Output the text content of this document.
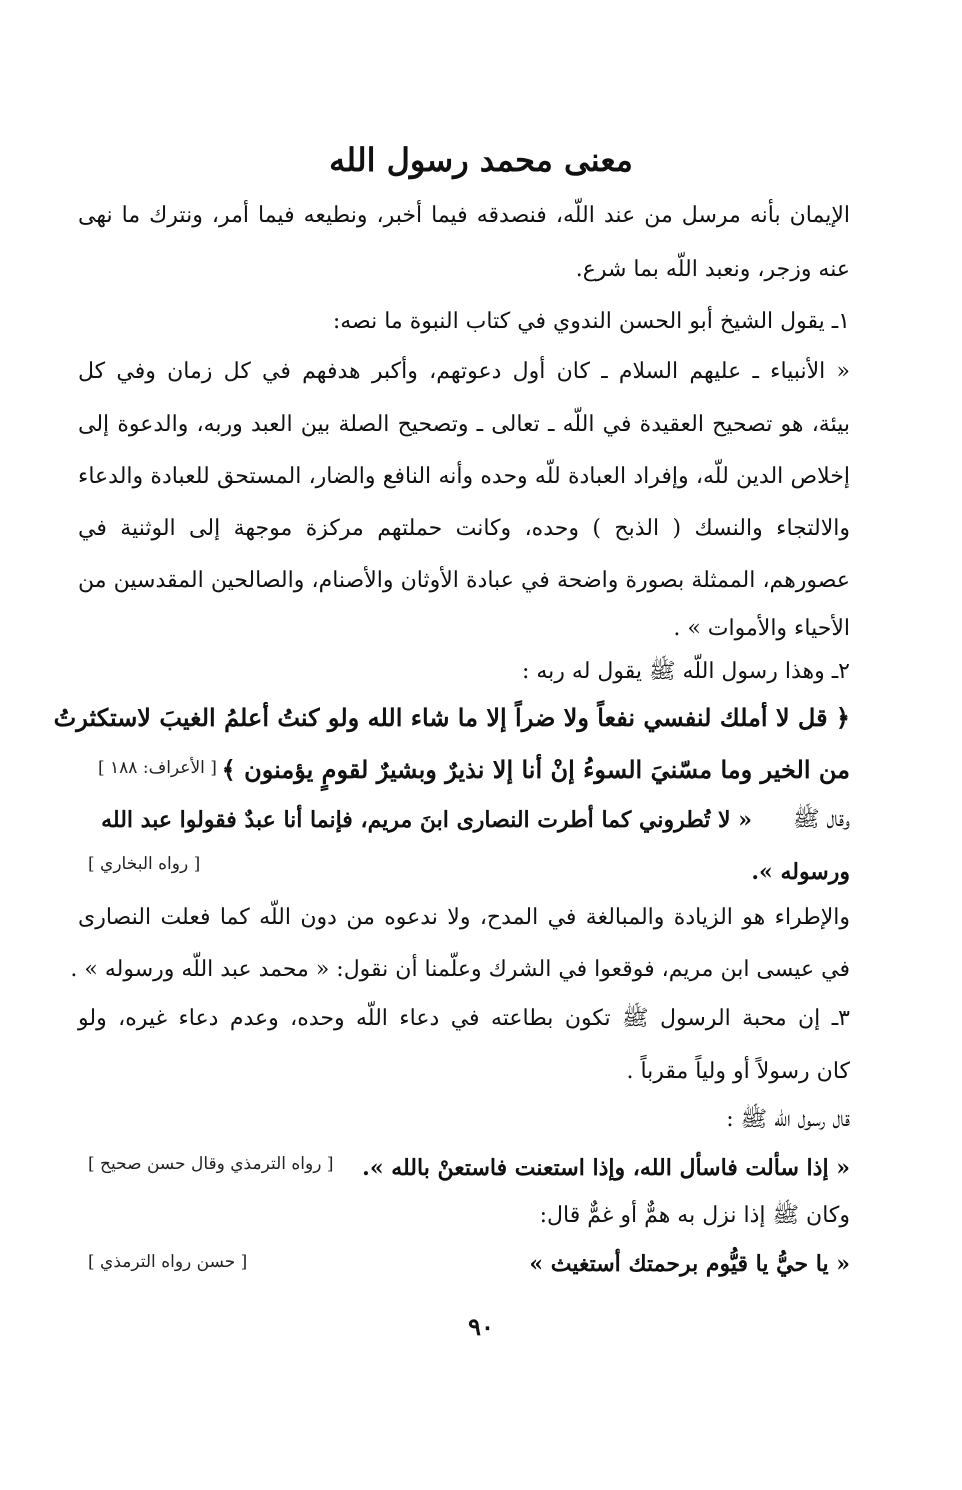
معنى محمد رسول الله
الإيمان بأنه مرسل من عند اللّه، فنصدقه فيما أخبر، ونطيعه فيما أمر، ونترك ما نهى
عنه وزجر، ونعبد اللّه بما شرع.
١ـ يقول الشيخ أبو الحسن الندوي في كتاب النبوة ما نصه:
« الأنبياء ـ عليهم السلام ـ كان أول دعوتهم، وأكبر هدفهم في كل زمان وفي كل
بيئة، هو تصحيح العقيدة في اللّه ـ تعالى ـ وتصحيح الصلة بين العبد وربه، والدعوة إلى
إخلاص الدين للّه، وإفراد العبادة للّه وحده وأنه النافع والضار، المستحق للعبادة والدعاء
والالتجاء والنسك ( الذبح ) وحده، وكانت حملتهم مركزة موجهة إلى الوثنية في
عصورهم، الممثلة بصورة واضحة في عبادة الأوثان والأصنام، والصالحين المقدسين من
الأحياء والأموات » .
٢ـ وهذا رسول اللّه ﷺ يقول له ربه :
﴿ قل لا أملك لنفسي نفعاً ولا ضراً إلا ما شاء الله ولو كنتُ أعلمُ الغيبَ لاستكثرتُ
من الخير وما مسّنيَ السوءُ إنْ أنا إلا نذيرٌ وبشيرٌ لقومٍ يؤمنون ﴾
[ الأعراف: ١٨٨ ]
وقال ﷺ
« لا تُطروني كما أطرت النصارى ابنَ مريم، فإنما أنا عبدٌ فقولوا عبد الله
ورسوله ».
[ رواه البخاري ]
والإطراء هو الزيادة والمبالغة في المدح، ولا ندعوه من دون اللّه كما فعلت النصارى
في عيسى ابن مريم، فوقعوا في الشرك وعلّمنا أن نقول: « محمد عبد اللّه ورسوله » .
٣ـ إن محبة الرسول ﷺ تكون بطاعته في دعاء اللّه وحده، وعدم دعاء غيره، ولو
كان رسولاً أو ولياً مقرباً .
قال رسول اللّه ﷺ :
« إذا سألت فاسأل الله، وإذا استعنت فاستعنْ بالله ».
[ رواه الترمذي وقال حسن صحيح ]
وكان ﷺ إذا نزل به همٌّ أو غمٌّ قال:
« يا حيُّ يا قيُّوم برحمتك أستغيث »
[ حسن رواه الترمذي ]
٩٠
